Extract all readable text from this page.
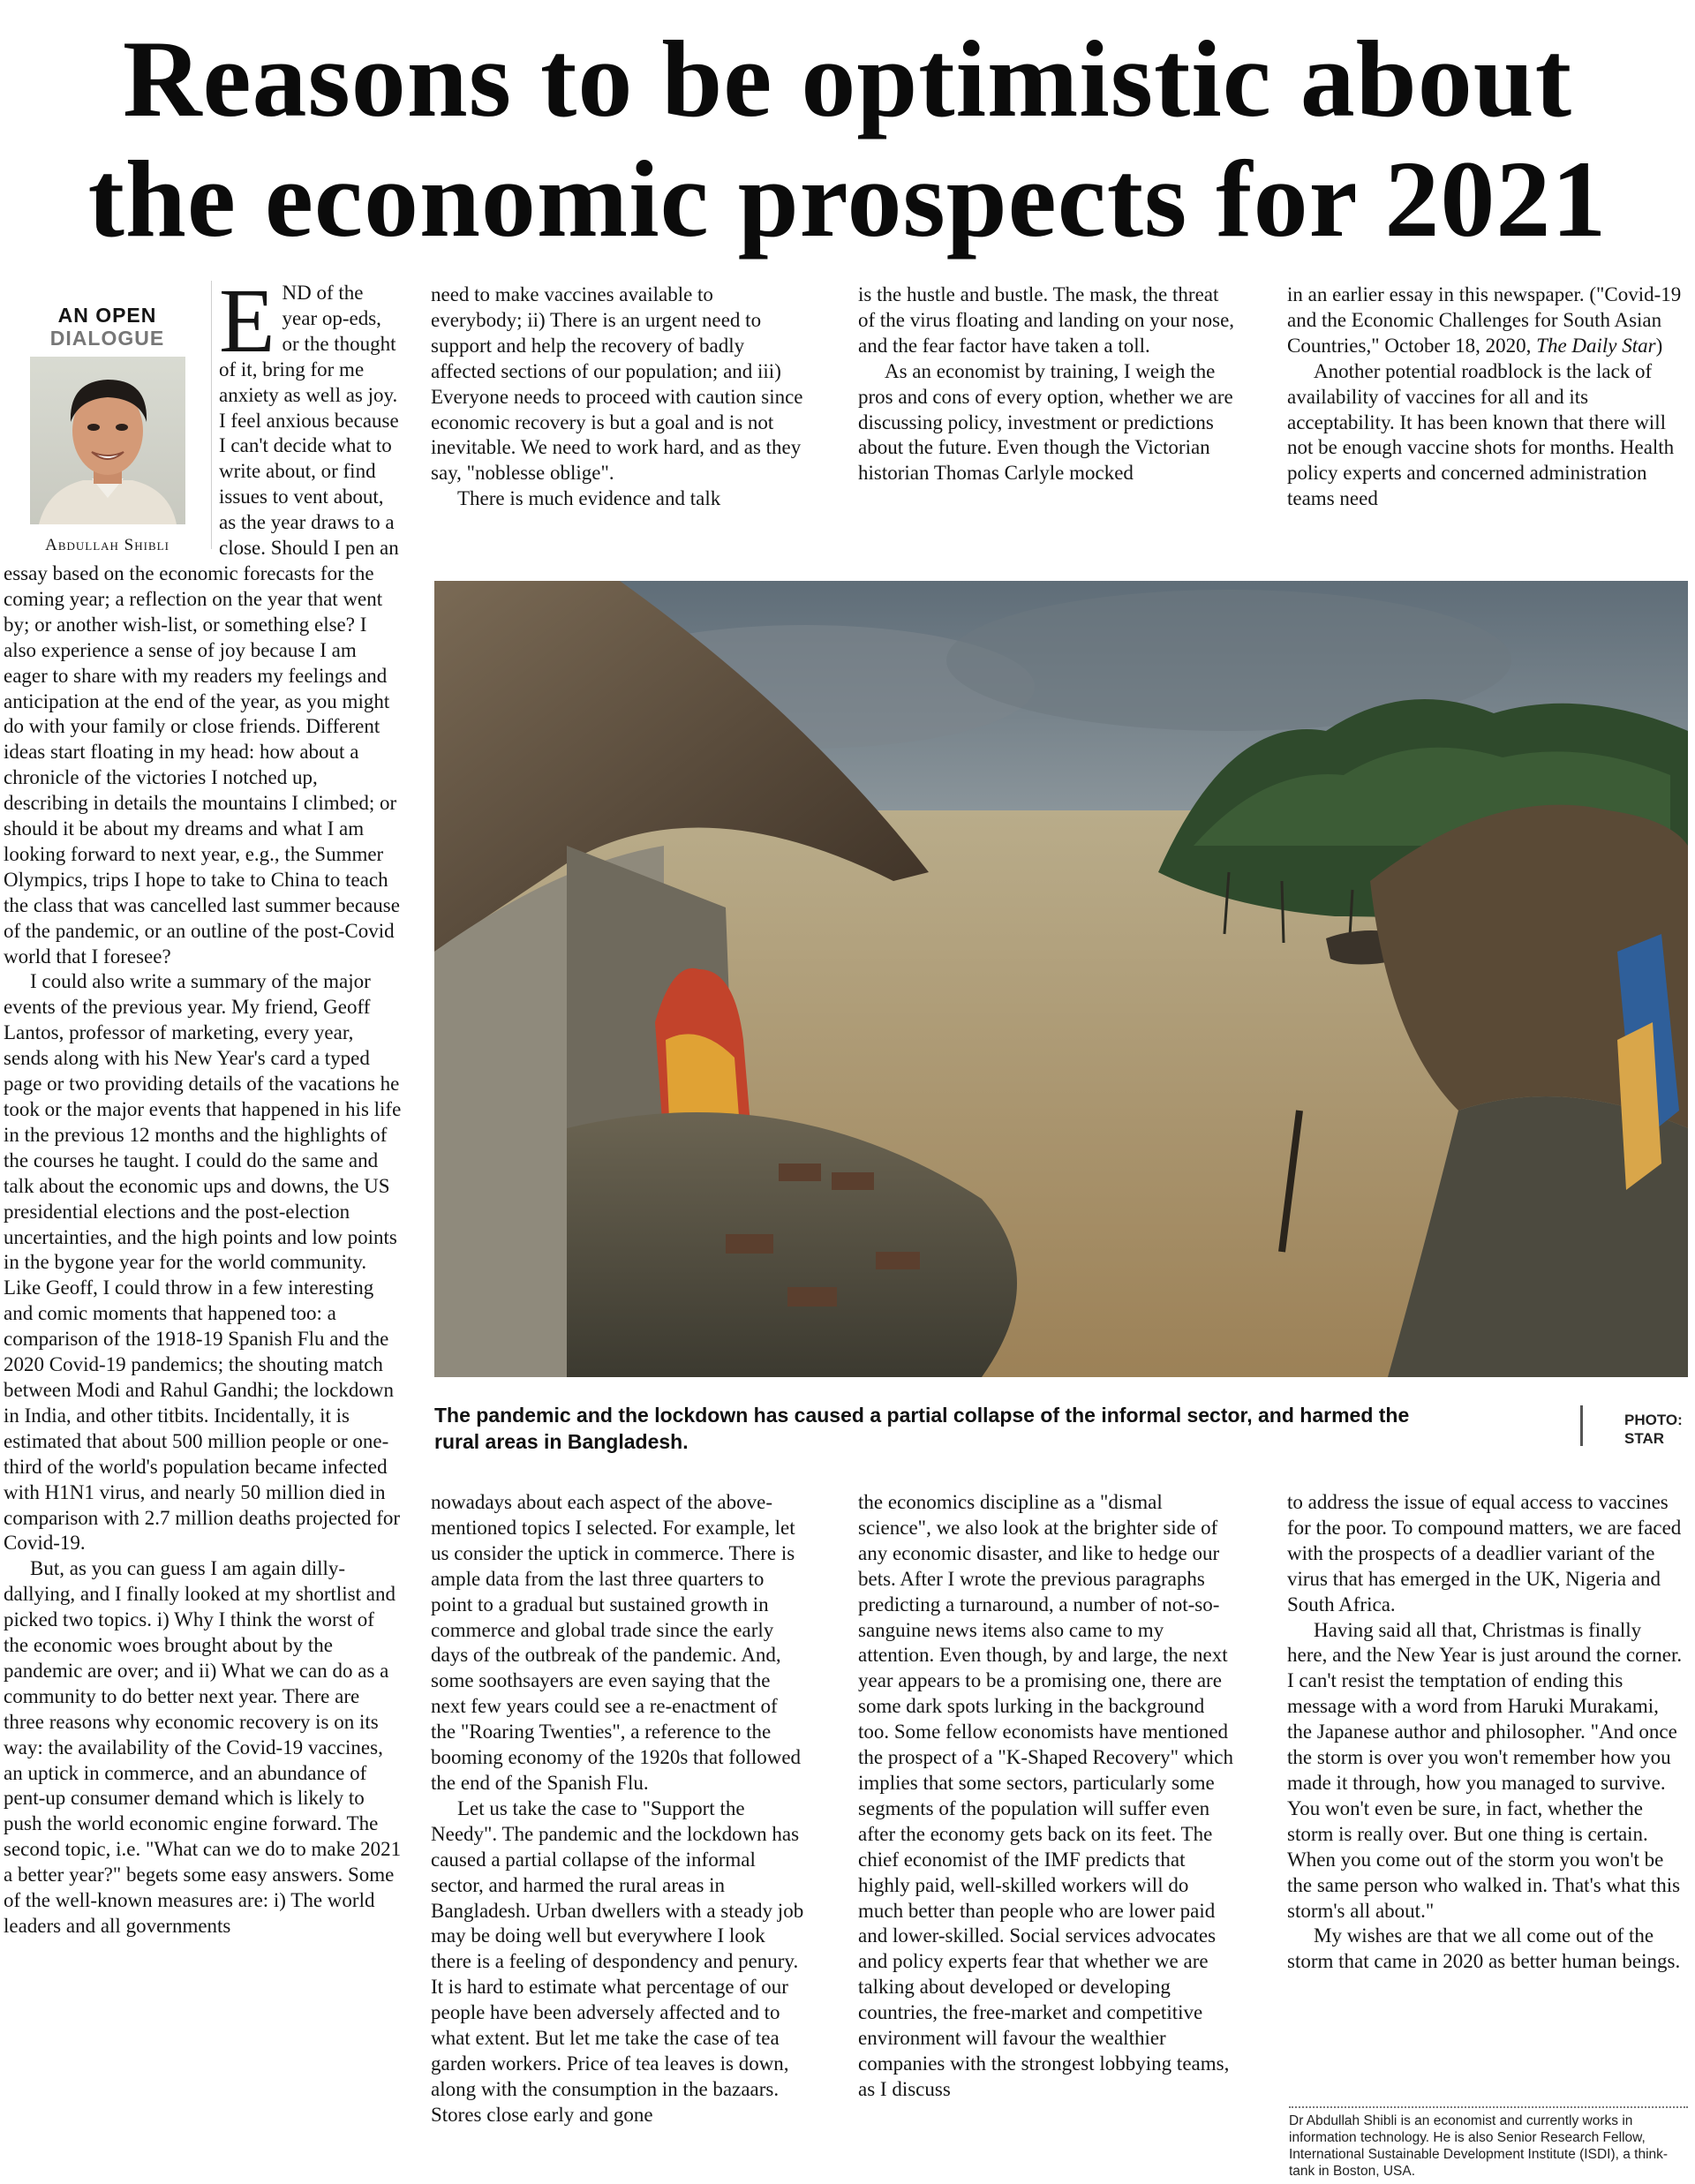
Reasons to be optimistic about
the economic prospects for 2021
AN OPEN
DIALOGUE
Abdullah Shibli
E ND of the year op-eds, or the thought of it, bring for me anxiety as well as joy. I feel anxious because I can't decide what to write about, or find issues to vent about, as the year draws to a close. Should I pen an essay based on the economic forecasts for the coming year; a reflection on the year that went by; or another wish-list, or something else? I also experience a sense of joy because I am eager to share with my readers my feelings and anticipation at the end of the year, as you might do with your family or close friends. Different ideas start floating in my head: how about a chronicle of the victories I notched up, describing in details the mountains I climbed; or should it be about my dreams and what I am looking forward to next year, e.g., the Summer Olympics, trips I hope to take to China to teach the class that was cancelled last summer because of the pandemic, or an outline of the post-Covid world that I foresee?

I could also write a summary of the major events of the previous year. My friend, Geoff Lantos, professor of marketing, every year, sends along with his New Year's card a typed page or two providing details of the vacations he took or the major events that happened in his life in the previous 12 months and the highlights of the courses he taught. I could do the same and talk about the economic ups and downs, the US presidential elections and the post-election uncertainties, and the high points and low points in the bygone year for the world community. Like Geoff, I could throw in a few interesting and comic moments that happened too: a comparison of the 1918-19 Spanish Flu and the 2020 Covid-19 pandemics; the shouting match between Modi and Rahul Gandhi; the lockdown in India, and other titbits. Incidentally, it is estimated that about 500 million people or one-third of the world's population became infected with H1N1 virus, and nearly 50 million died in comparison with 2.7 million deaths projected for Covid-19.

But, as you can guess I am again dilly-dallying, and I finally looked at my shortlist and picked two topics. i) Why I think the worst of the economic woes brought about by the pandemic are over; and ii) What we can do as a community to do better next year. There are three reasons why economic recovery is on its way: the availability of the Covid-19 vaccines, an uptick in commerce, and an abundance of pent-up consumer demand which is likely to push the world economic engine forward. The second topic, i.e. "What can we do to make 2021 a better year?" begets some easy answers. Some of the well-known measures are: i) The world leaders and all governments

need to make vaccines available to everybody; ii) There is an urgent need to support and help the recovery of badly affected sections of our population; and iii) Everyone needs to proceed with caution since economic recovery is but a goal and is not inevitable. We need to work hard, and as they say, "noblesse oblige".

There is much evidence and talk

is the hustle and bustle. The mask, the threat of the virus floating and landing on your nose, and the fear factor have taken a toll.

As an economist by training, I weigh the pros and cons of every option, whether we are discussing policy, investment or predictions about the future. Even though the Victorian historian Thomas Carlyle mocked

in an earlier essay in this newspaper. ("Covid-19 and the Economic Challenges for South Asian Countries," October 18, 2020, The Daily Star)

Another potential roadblock is the lack of availability of vaccines for all and its acceptability. It has been known that there will not be enough vaccine shots for months. Health policy experts and concerned administration teams need

The pandemic and the lockdown has caused a partial collapse of the informal sector, and harmed the rural areas in Bangladesh.
PHOTO:
STAR

nowadays about each aspect of the above-mentioned topics I selected. For example, let us consider the uptick in commerce. There is ample data from the last three quarters to point to a gradual but sustained growth in commerce and global trade since the early days of the outbreak of the pandemic. And, some soothsayers are even saying that the next few years could see a re-enactment of the "Roaring Twenties", a reference to the booming economy of the 1920s that followed the end of the Spanish Flu.

Let us take the case to "Support the Needy". The pandemic and the lockdown has caused a partial collapse of the informal sector, and harmed the rural areas in Bangladesh. Urban dwellers with a steady job may be doing well but everywhere I look there is a feeling of despondency and penury. It is hard to estimate what percentage of our people have been adversely affected and to what extent. But let me take the case of tea garden workers. Price of tea leaves is down, along with the consumption in the bazaars. Stores close early and gone

the economics discipline as a "dismal science", we also look at the brighter side of any economic disaster, and like to hedge our bets. After I wrote the previous paragraphs predicting a turnaround, a number of not-so-sanguine news items also came to my attention. Even though, by and large, the next year appears to be a promising one, there are some dark spots lurking in the background too. Some fellow economists have mentioned the prospect of a "K-Shaped Recovery" which implies that some sectors, particularly some segments of the population will suffer even after the economy gets back on its feet. The chief economist of the IMF predicts that highly paid, well-skilled workers will do much better than people who are lower paid and lower-skilled. Social services advocates and policy experts fear that whether we are talking about developed or developing countries, the free-market and competitive environment will favour the wealthier companies with the strongest lobbying teams, as I discuss

to address the issue of equal access to vaccines for the poor. To compound matters, we are faced with the prospects of a deadlier variant of the virus that has emerged in the UK, Nigeria and South Africa.

Having said all that, Christmas is finally here, and the New Year is just around the corner. I can't resist the temptation of ending this message with a word from Haruki Murakami, the Japanese author and philosopher. "And once the storm is over you won't remember how you made it through, how you managed to survive. You won't even be sure, in fact, whether the storm is really over. But one thing is certain. When you come out of the storm you won't be the same person who walked in. That's what this storm's all about."

My wishes are that we all come out of the storm that came in 2020 as better human beings.

Dr Abdullah Shibli is an economist and currently works in information technology. He is also Senior Research Fellow, International Sustainable Development Institute (ISDI), a think-tank in Boston, USA.
